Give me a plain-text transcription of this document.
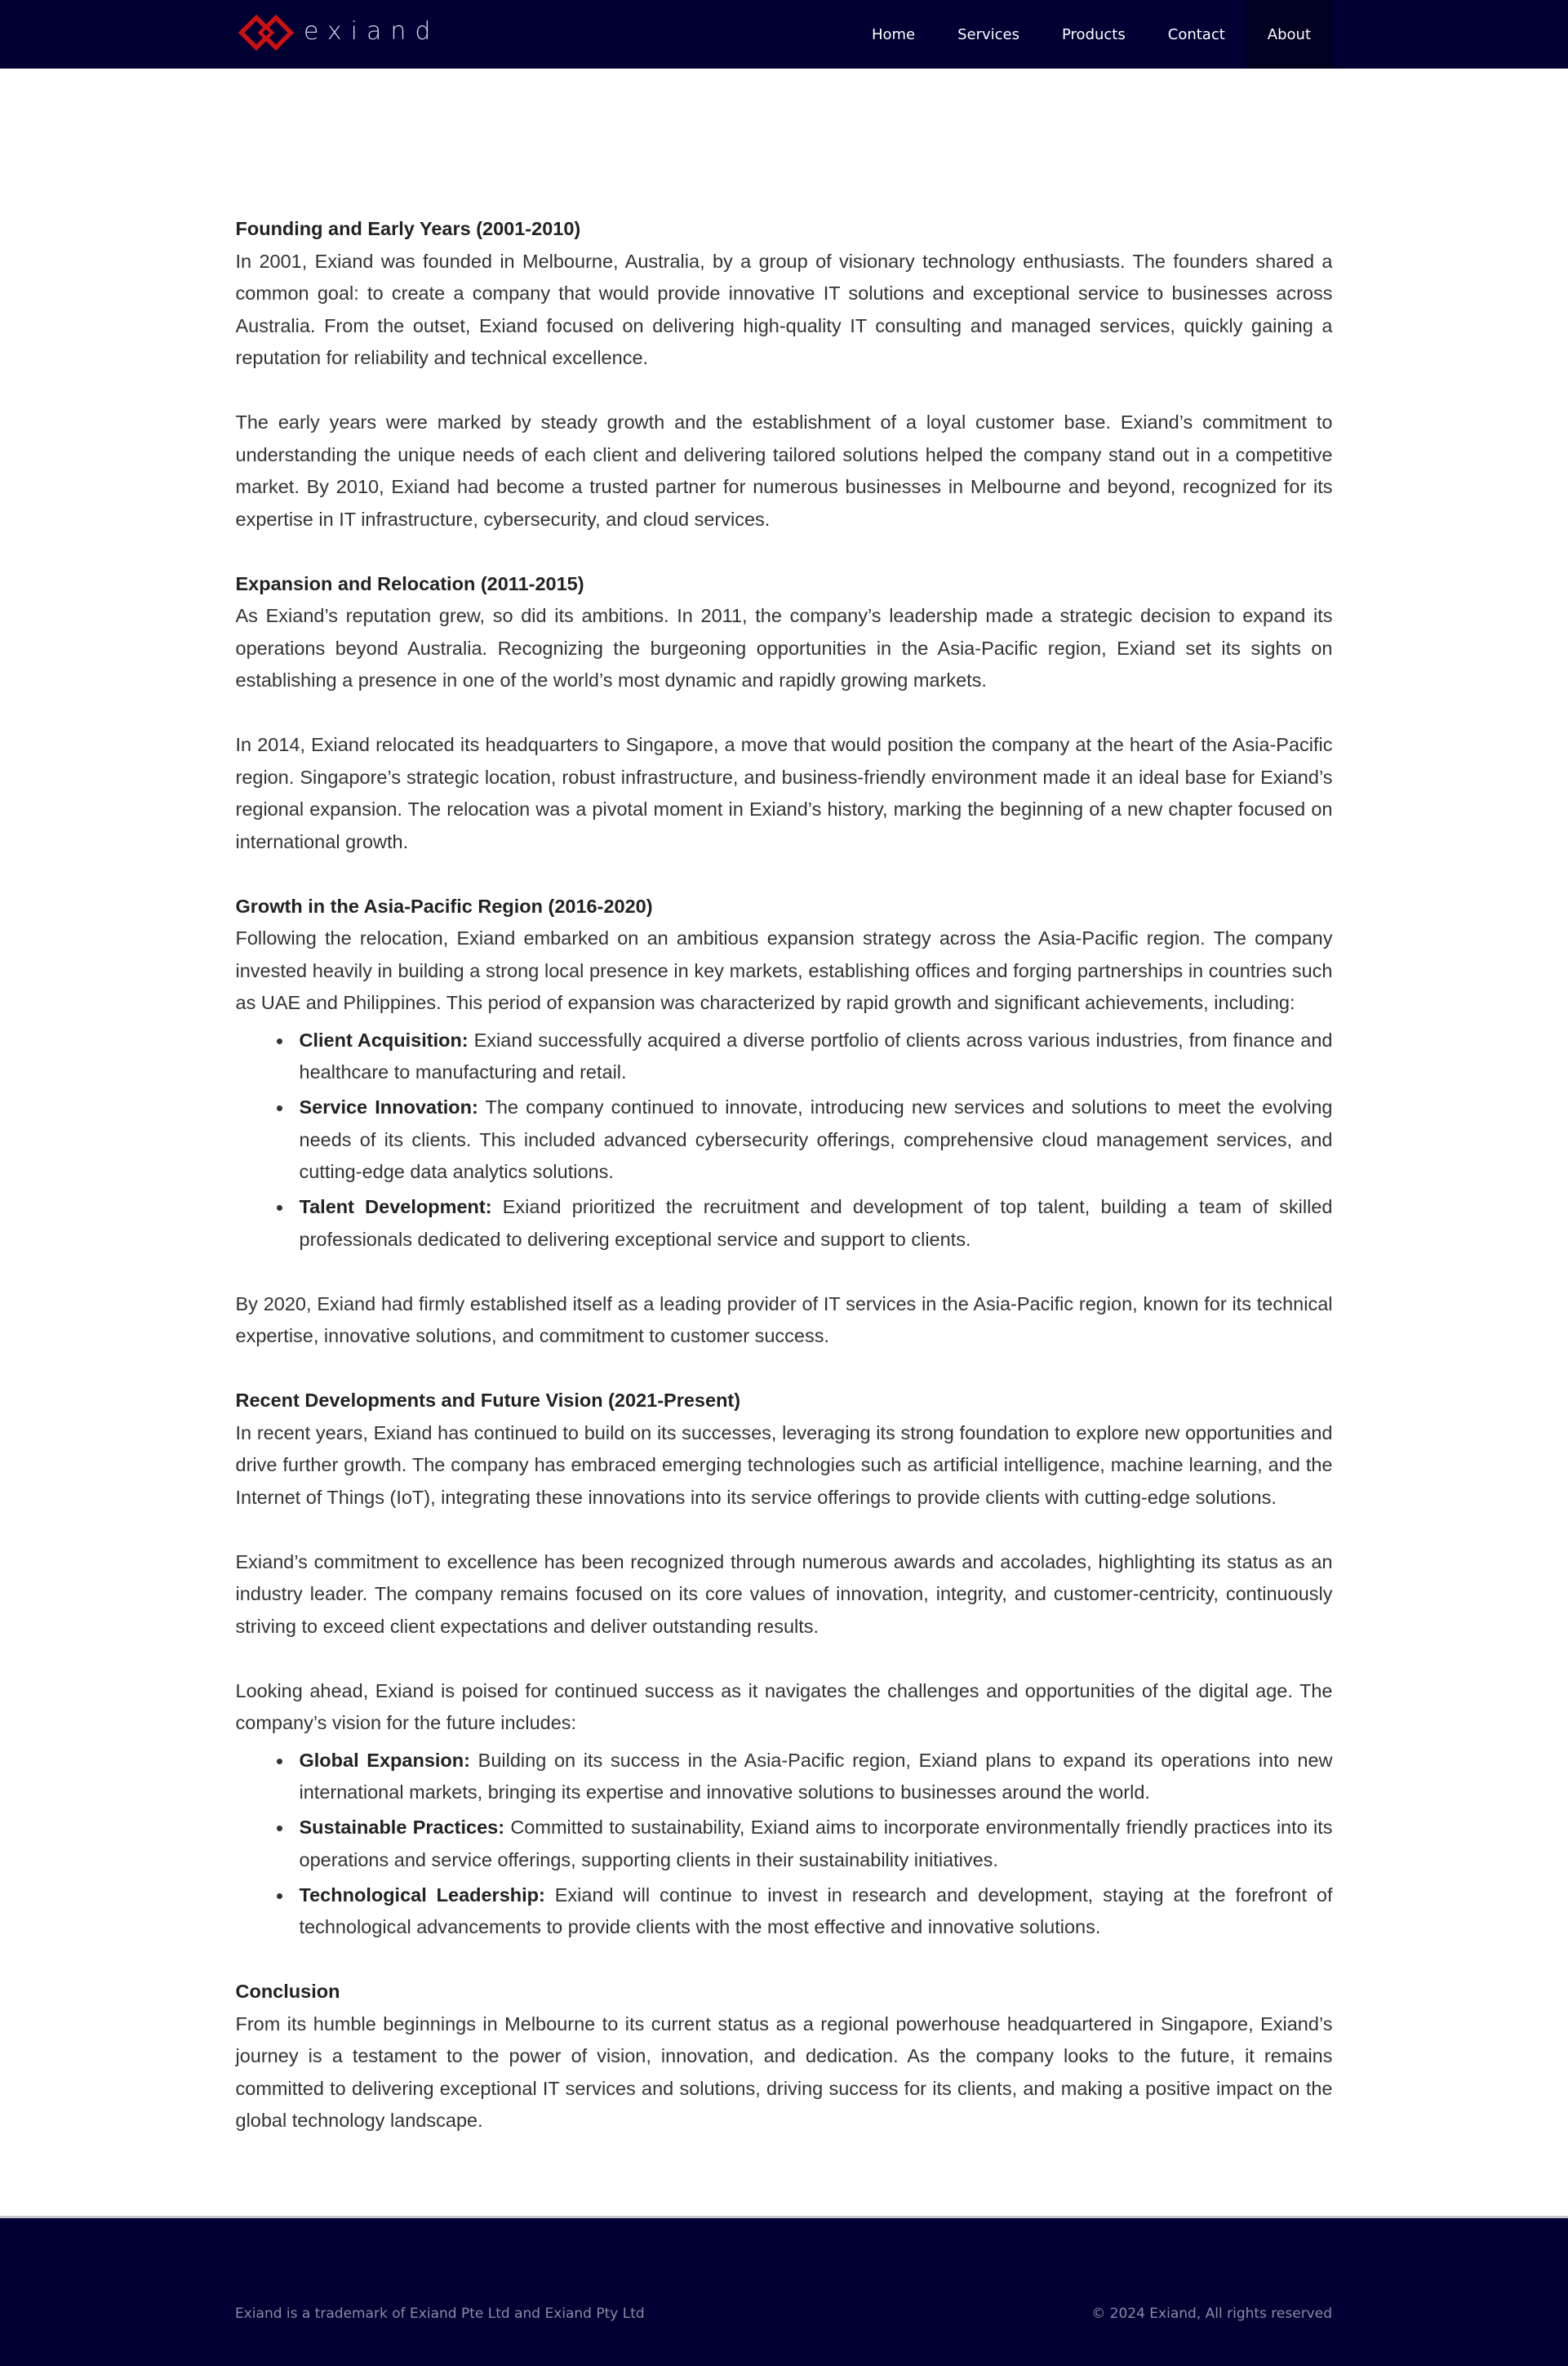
exiand	Home	Services	Products	Contact	About
Founding and Early Years (2001-2010)

In 2001, Exiand was founded in Melbourne, Australia, by a group of visionary technology enthusiasts. The founders shared a common goal: to create a company that would provide innovative IT solutions and exceptional service to businesses across Australia. From the outset, Exiand focused on delivering high-quality IT consulting and managed services, quickly gaining a reputation for reliability and technical excellence.

The early years were marked by steady growth and the establishment of a loyal customer base. Exiand’s commitment to understanding the unique needs of each client and delivering tailored solutions helped the company stand out in a competitive market. By 2010, Exiand had become a trusted partner for numerous businesses in Melbourne and beyond, recognized for its expertise in IT infrastructure, cybersecurity, and cloud services.

Expansion and Relocation (2011-2015)

As Exiand’s reputation grew, so did its ambitions. In 2011, the company’s leadership made a strategic decision to expand its operations beyond Australia. Recognizing the burgeoning opportunities in the Asia-Pacific region, Exiand set its sights on establishing a presence in one of the world’s most dynamic and rapidly growing markets.

In 2014, Exiand relocated its headquarters to Singapore, a move that would position the company at the heart of the Asia-Pacific region. Singapore’s strategic location, robust infrastructure, and business-friendly environment made it an ideal base for Exiand’s regional expansion. The relocation was a pivotal moment in Exiand’s history, marking the beginning of a new chapter focused on international growth.

Growth in the Asia-Pacific Region (2016-2020)

Following the relocation, Exiand embarked on an ambitious expansion strategy across the Asia-Pacific region. The company invested heavily in building a strong local presence in key markets, establishing offices and forging partnerships in countries such as UAE and Philippines. This period of expansion was characterized by rapid growth and significant achievements, including:

Client Acquisition: Exiand successfully acquired a diverse portfolio of clients across various industries, from finance and healthcare to manufacturing and retail.
Service Innovation: The company continued to innovate, introducing new services and solutions to meet the evolving needs of its clients. This included advanced cybersecurity offerings, comprehensive cloud management services, and cutting-edge data analytics solutions.
Talent Development: Exiand prioritized the recruitment and development of top talent, building a team of skilled professionals dedicated to delivering exceptional service and support to clients.

By 2020, Exiand had firmly established itself as a leading provider of IT services in the Asia-Pacific region, known for its technical expertise, innovative solutions, and commitment to customer success.

Recent Developments and Future Vision (2021-Present)

In recent years, Exiand has continued to build on its successes, leveraging its strong foundation to explore new opportunities and drive further growth. The company has embraced emerging technologies such as artificial intelligence, machine learning, and the Internet of Things (IoT), integrating these innovations into its service offerings to provide clients with cutting-edge solutions.

Exiand’s commitment to excellence has been recognized through numerous awards and accolades, highlighting its status as an industry leader. The company remains focused on its core values of innovation, integrity, and customer-centricity, continuously striving to exceed client expectations and deliver outstanding results.

Looking ahead, Exiand is poised for continued success as it navigates the challenges and opportunities of the digital age. The company’s vision for the future includes:

Global Expansion: Building on its success in the Asia-Pacific region, Exiand plans to expand its operations into new international markets, bringing its expertise and innovative solutions to businesses around the world.
Sustainable Practices: Committed to sustainability, Exiand aims to incorporate environmentally friendly practices into its operations and service offerings, supporting clients in their sustainability initiatives.
Technological Leadership: Exiand will continue to invest in research and development, staying at the forefront of technological advancements to provide clients with the most effective and innovative solutions.
Conclusion

From its humble beginnings in Melbourne to its current status as a regional powerhouse headquartered in Singapore, Exiand’s journey is a testament to the power of vision, innovation, and dedication. As the company looks to the future, it remains committed to delivering exceptional IT services and solutions, driving success for its clients, and making a positive impact on the global technology landscape.

Exiand is a trademark of Exiand Pte Ltd and Exiand Pty Ltd	© 2024 Exiand, All rights reserved
